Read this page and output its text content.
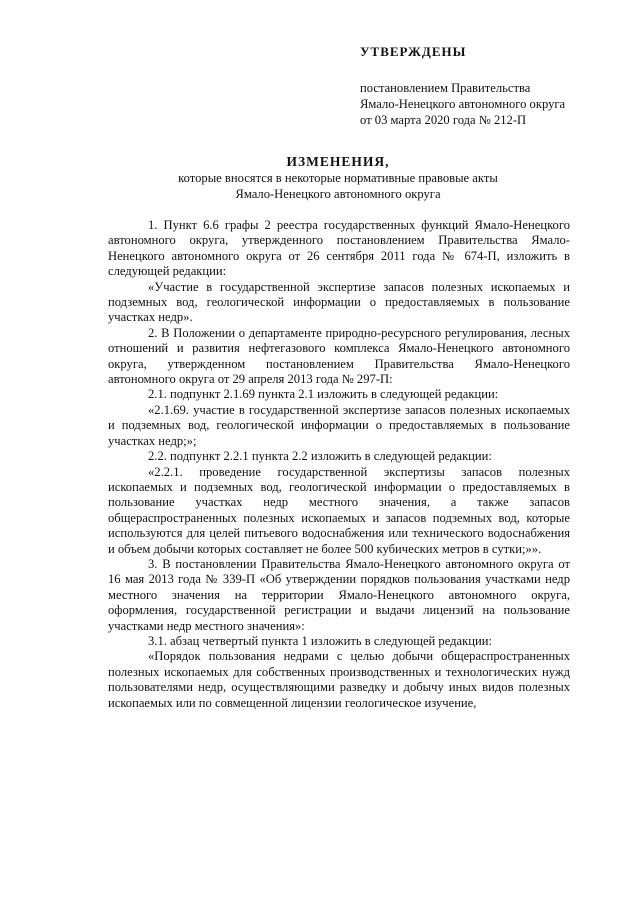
УТВЕРЖДЕНЫ
постановлением Правительства
Ямало-Ненецкого автономного округа
от 03 марта 2020 года № 212-П
ИЗМЕНЕНИЯ,
которые вносятся в некоторые нормативные правовые акты
Ямало-Ненецкого автономного округа

1. Пункт 6.6 графы 2 реестра государственных функций Ямало-Ненецкого автономного округа, утвержденного постановлением Правительства Ямало-Ненецкого автономного округа от 26 сентября 2011 года № 674-П, изложить в следующей редакции:

«Участие в государственной экспертизе запасов полезных ископаемых и подземных вод, геологической информации о предоставляемых в пользование участках недр».

2. В Положении о департаменте природно-ресурсного регулирования, лесных отношений и развития нефтегазового комплекса Ямало-Ненецкого автономного округа, утвержденном постановлением Правительства Ямало-Ненецкого автономного округа от 29 апреля 2013 года № 297-П:

2.1. подпункт 2.1.69 пункта 2.1 изложить в следующей редакции:

«2.1.69. участие в государственной экспертизе запасов полезных ископаемых и подземных вод, геологической информации о предоставляемых в пользование участках недр;»;

2.2. подпункт 2.2.1 пункта 2.2 изложить в следующей редакции:

«2.2.1. проведение государственной экспертизы запасов полезных ископаемых и подземных вод, геологической информации о предоставляемых в пользование участках недр местного значения, а также запасов общераспространенных полезных ископаемых и запасов подземных вод, которые используются для целей питьевого водоснабжения или технического водоснабжения и объем добычи которых составляет не более 500 кубических метров в сутки;»».

3. В постановлении Правительства Ямало-Ненецкого автономного округа от 16 мая 2013 года № 339-П «Об утверждении порядков пользования участками недр местного значения на территории Ямало-Ненецкого автономного округа, оформления, государственной регистрации и выдачи лицензий на пользование участками недр местного значения»:

3.1. абзац четвертый пункта 1 изложить в следующей редакции:

«Порядок пользования недрами с целью добычи общераспространенных полезных ископаемых для собственных производственных и технологических нужд пользователями недр, осуществляющими разведку и добычу иных видов полезных ископаемых или по совмещенной лицензии геологическое изучение,
